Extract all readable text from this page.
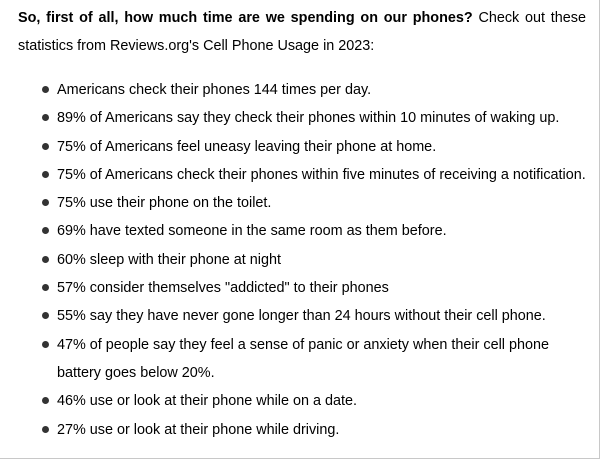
So, first of all, how much time are we spending on our phones? Check out these statistics from Reviews.org's Cell Phone Usage in 2023:

Americans check their phones 144 times per day.
89% of Americans say they check their phones within 10 minutes of waking up.
75% of Americans feel uneasy leaving their phone at home.
75% of Americans check their phones within five minutes of receiving a notification.
75% use their phone on the toilet.
69% have texted someone in the same room as them before.
60% sleep with their phone at night
57% consider themselves "addicted" to their phones
55% say they have never gone longer than 24 hours without their cell phone.
47% of people say they feel a sense of panic or anxiety when their cell phone battery goes below 20%.
46% use or look at their phone while on a date.
27% use or look at their phone while driving.
